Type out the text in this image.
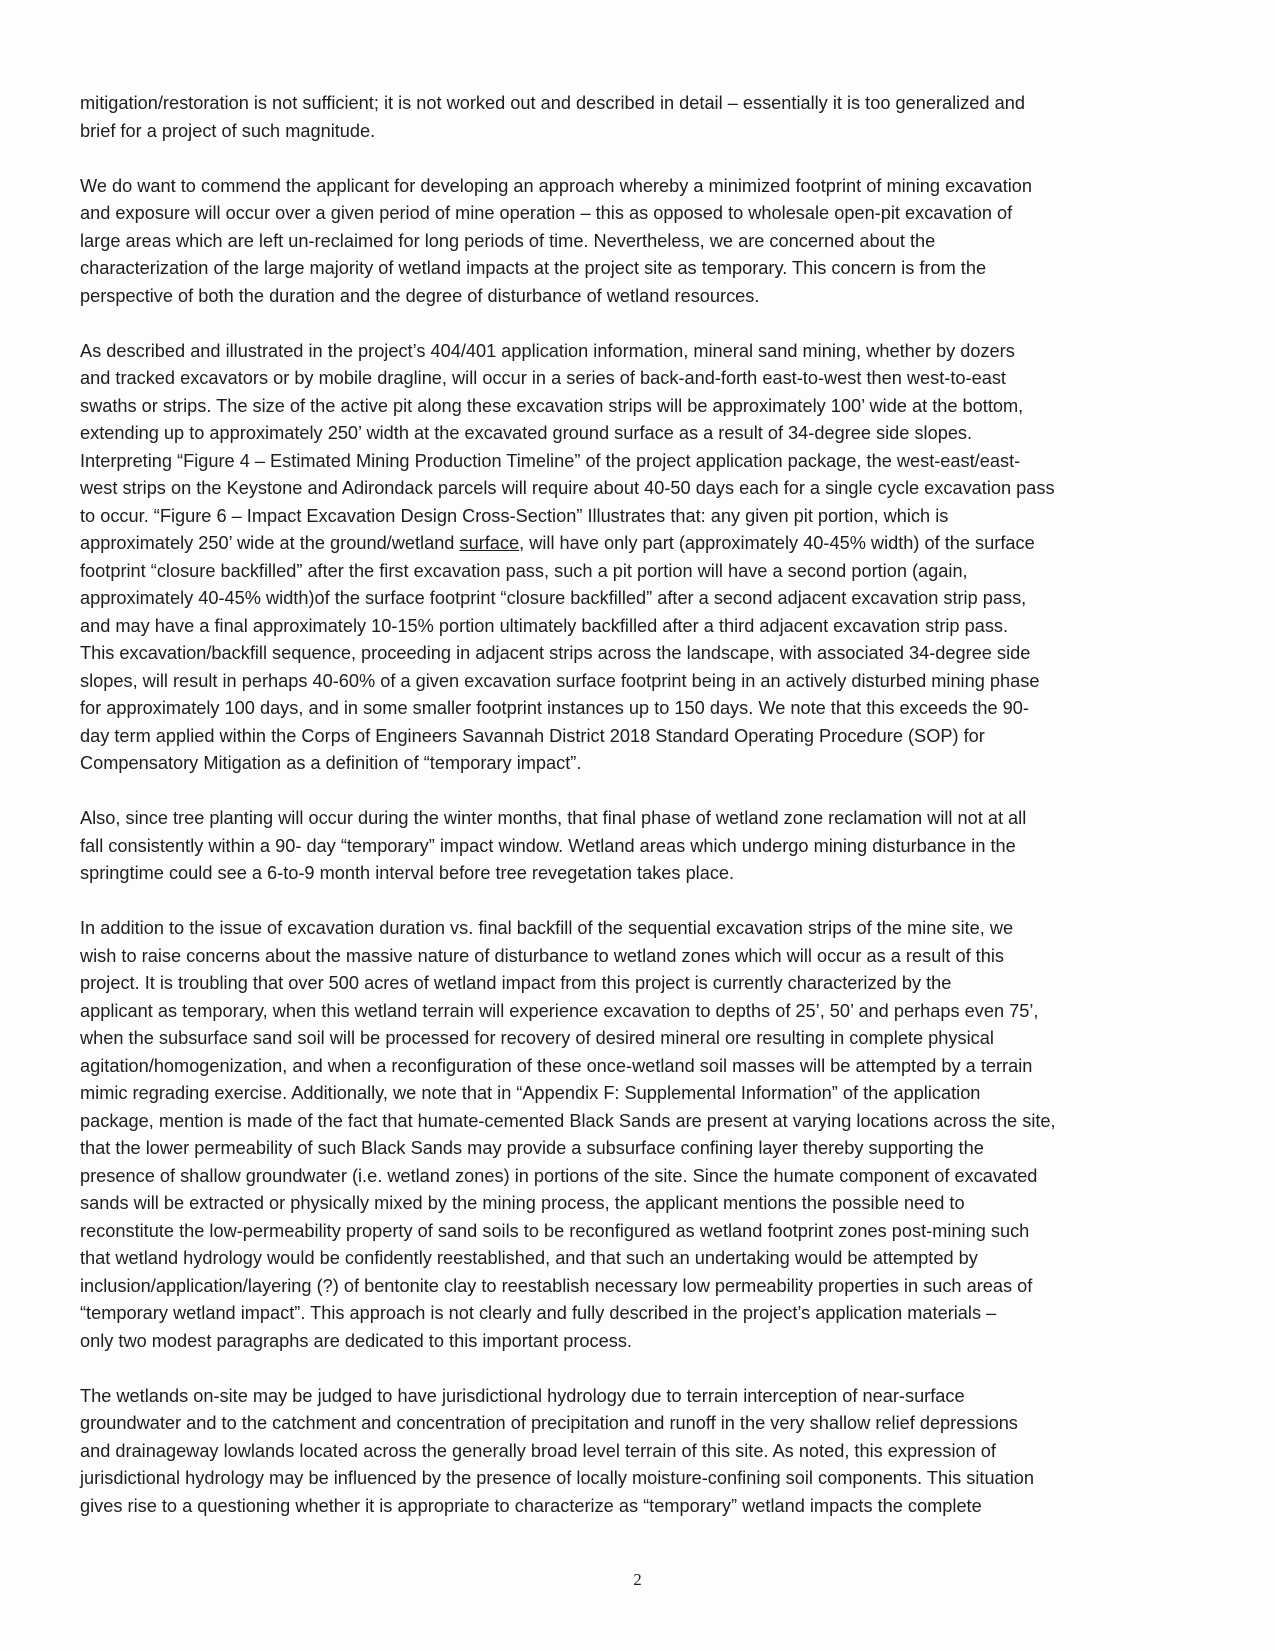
mitigation/restoration is not sufficient; it is not worked out and described in detail – essentially it is too generalized and
brief for a project of such magnitude.
We do want to commend the applicant for developing an approach whereby a minimized footprint of mining excavation
and exposure will occur over a given period of mine operation – this as opposed to wholesale open-pit excavation of
large areas which are left un-reclaimed for long periods of time. Nevertheless, we are concerned about the
characterization of the large majority of wetland impacts at the project site as temporary. This concern is from the
perspective of both the duration and the degree of disturbance of wetland resources.
As described and illustrated in the project’s 404/401 application information, mineral sand mining, whether by dozers
and tracked excavators or by mobile dragline, will occur in a series of back-and-forth east-to-west then west-to-east
swaths or strips. The size of the active pit along these excavation strips will be approximately 100’ wide at the bottom,
extending up to approximately 250’ width at the excavated ground surface as a result of 34-degree side slopes.
Interpreting “Figure 4 – Estimated Mining Production Timeline” of the project application package, the west-east/east-
west strips on the Keystone and Adirondack parcels will require about 40-50 days each for a single cycle excavation pass
to occur. “Figure 6 – Impact Excavation Design Cross-Section” Illustrates that: any given pit portion, which is
approximately 250’ wide at the ground/wetland surface, will have only part (approximately 40-45% width) of the surface
footprint “closure backfilled” after the first excavation pass, such a pit portion will have a second portion (again,
approximately 40-45% width)of the surface footprint “closure backfilled” after a second adjacent excavation strip pass,
and may have a final approximately 10-15% portion ultimately backfilled after a third adjacent excavation strip pass.
This excavation/backfill sequence, proceeding in adjacent strips across the landscape, with associated 34-degree side
slopes, will result in perhaps 40-60% of a given excavation surface footprint being in an actively disturbed mining phase
for approximately 100 days, and in some smaller footprint instances up to 150 days. We note that this exceeds the 90-
day term applied within the Corps of Engineers Savannah District 2018 Standard Operating Procedure (SOP) for
Compensatory Mitigation as a definition of “temporary impact”.
Also, since tree planting will occur during the winter months, that final phase of wetland zone reclamation will not at all
fall consistently within a 90- day “temporary” impact window. Wetland areas which undergo mining disturbance in the
springtime could see a 6-to-9 month interval before tree revegetation takes place.
In addition to the issue of excavation duration vs. final backfill of the sequential excavation strips of the mine site, we
wish to raise concerns about the massive nature of disturbance to wetland zones which will occur as a result of this
project. It is troubling that over 500 acres of wetland impact from this project is currently characterized by the
applicant as temporary, when this wetland terrain will experience excavation to depths of 25’, 50’ and perhaps even 75’,
when the subsurface sand soil will be processed for recovery of desired mineral ore resulting in complete physical
agitation/homogenization, and when a reconfiguration of these once-wetland soil masses will be attempted by a terrain
mimic regrading exercise. Additionally, we note that in “Appendix F: Supplemental Information” of the application
package, mention is made of the fact that humate-cemented Black Sands are present at varying locations across the site,
that the lower permeability of such Black Sands may provide a subsurface confining layer thereby supporting the
presence of shallow groundwater (i.e. wetland zones) in portions of the site. Since the humate component of excavated
sands will be extracted or physically mixed by the mining process, the applicant mentions the possible need to
reconstitute the low-permeability property of sand soils to be reconfigured as wetland footprint zones post-mining such
that wetland hydrology would be confidently reestablished, and that such an undertaking would be attempted by
inclusion/application/layering (?) of bentonite clay to reestablish necessary low permeability properties in such areas of
“temporary wetland impact”. This approach is not clearly and fully described in the project’s application materials –
only two modest paragraphs are dedicated to this important process.
The wetlands on-site may be judged to have jurisdictional hydrology due to terrain interception of near-surface
groundwater and to the catchment and concentration of precipitation and runoff in the very shallow relief depressions
and drainageway lowlands located across the generally broad level terrain of this site. As noted, this expression of
jurisdictional hydrology may be influenced by the presence of locally moisture-confining soil components. This situation
gives rise to a questioning whether it is appropriate to characterize as “temporary” wetland impacts the complete
2
